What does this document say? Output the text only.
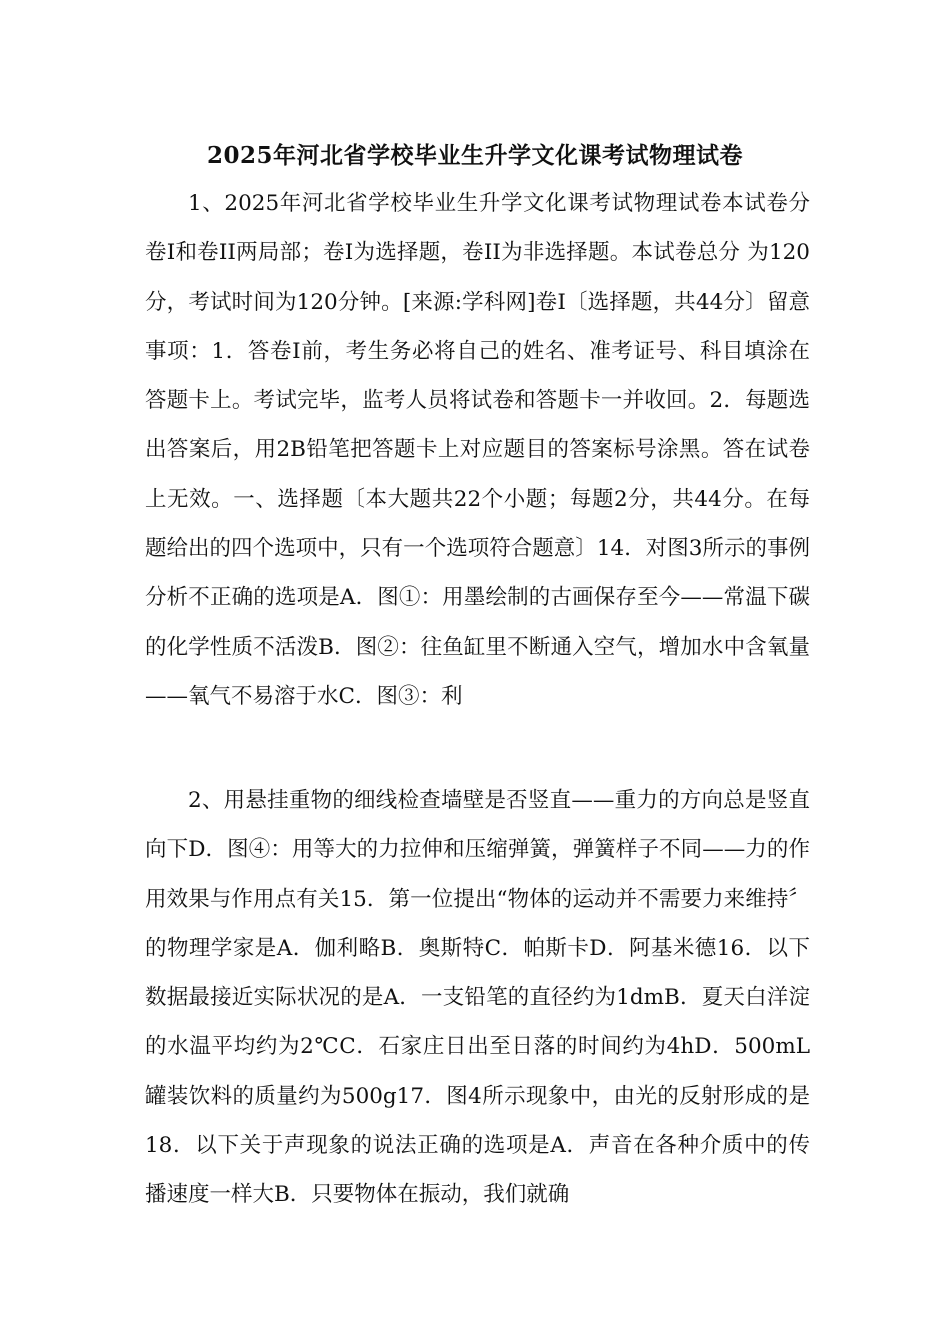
2025年河北省学校毕业生升学文化课考试物理试卷

1、2025年河北省学校毕业生升学文化课考试物理试卷本试卷分卷Ⅰ和卷II两局部；卷Ⅰ为选择题，卷II为非选择题。本试卷总分 为120分，考试时间为120分钟。[来源:学科网]卷Ⅰ〔选择题，共44分〕留意事项：1．答卷Ⅰ前，考生务必将自己的姓名、准考证号、科目填涂在答题卡上。考试完毕，监考人员将试卷和答题卡一并收回。2．每题选出答案后，用2B铅笔把答题卡上对应题目的答案标号涂黑。答在试卷上无效。一、选择题〔本大题共22个小题；每题2分，共44分。在每题给出的四个选项中，只有一个选项符合题意〕14．对图3所示的事例分析不正确的选项是A．图①：用墨绘制的古画保存至今——常温下碳的化学性质不活泼B．图②：往鱼缸里不断通入空气，增加水中含氧量——氧气不易溶于水C．图③：利

2、用悬挂重物的细线检查墙壁是否竖直——重力的方向总是竖直向下D．图④：用等大的力拉伸和压缩弹簧，弹簧样子不同——力的作用效果与作用点有关15．第一位提出“物体的运动并不需要力来维持〞的物理学家是A．伽利略B．奥斯特C．帕斯卡D．阿基米德16．以下数据最接近实际状况的是A．一支铅笔的直径约为1dmB．夏天白洋淀的水温平均约为2℃C．石家庄日出至日落的时间约为4hD．500mL罐装饮料的质量约为500g17．图4所示现象中，由光的反射形成的是18．以下关于声现象的说法正确的选项是A．声音在各种介质中的传播速度一样大B．只要物体在振动，我们就确
